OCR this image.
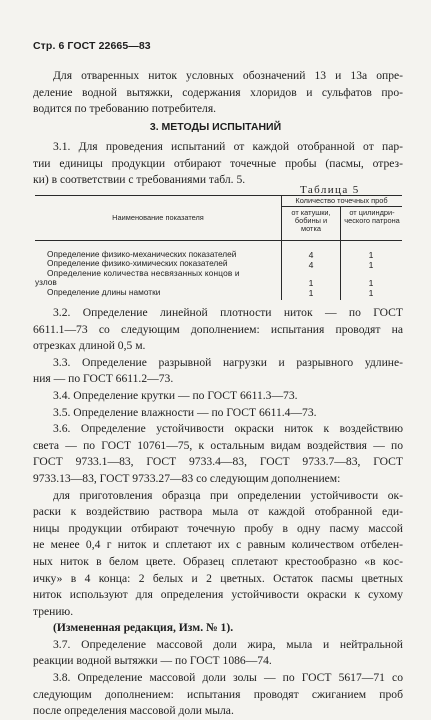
Стр. 6 ГОСТ 22665—83
Для отваренных ниток условных обозначений 13 и 13а опре-
деление водной вытяжки, содержания хлоридов и сульфатов про-
водится по требованию потребителя.
3. МЕТОДЫ ИСПЫТАНИЙ
3.1. Для проведения испытаний от каждой отобранной от пар-
тии единицы продукции отбирают точечные пробы (пасмы, отрез-
ки) в соответствии с требованиями табл. 5.
Таблица 5
Наименование показателя
Количество точечных проб
от катушки, бобины и мотка
от цилиндри-ческого патрона
Определение физико-механических показателей	4	1
Определение физико-химических показателей	4	1
Определение количества несвязанных концов и
узлов	1	1
Определение длины намотки	1	1
3.2. Определение линейной плотности ниток — по ГОСТ
6611.1—73 со следующим дополнением: испытания проводят на
отрезках длиной 0,5 м.
3.3. Определение разрывной нагрузки и разрывного удлине-
ния — по ГОСТ 6611.2—73.
3.4. Определение крутки — по ГОСТ 6611.3—73.
3.5. Определение влажности — по ГОСТ 6611.4—73.
3.6. Определение устойчивости окраски ниток к воздействию
света — по ГОСТ 10761—75, к остальным видам воздействия — по
ГОСТ 9733.1—83, ГОСТ 9733.4—83, ГОСТ 9733.7—83, ГОСТ
9733.13—83, ГОСТ 9733.27—83 со следующим дополнением:
для приготовления образца при определении устойчивости ок-
раски к воздействию раствора мыла от каждой отобранной еди-
ницы продукции отбирают точечную пробу в одну пасму массой
не менее 0,4 г ниток и сплетают их с равным количеством отбелен-
ных ниток в белом цвете. Образец сплетают крестообразно «в кос-
ичку» в 4 конца: 2 белых и 2 цветных. Остаток пасмы цветных
ниток используют для определения устойчивости окраски к сухому
трению.
(Измененная редакция, Изм. № 1).
3.7. Определение массовой доли жира, мыла и нейтральной
реакции водной вытяжки — по ГОСТ 1086—74.
3.8. Определение массовой доли золы — по ГОСТ 5617—71 со
следующим дополнением: испытания проводят сжиганием проб
после определения массовой доли мыла.
